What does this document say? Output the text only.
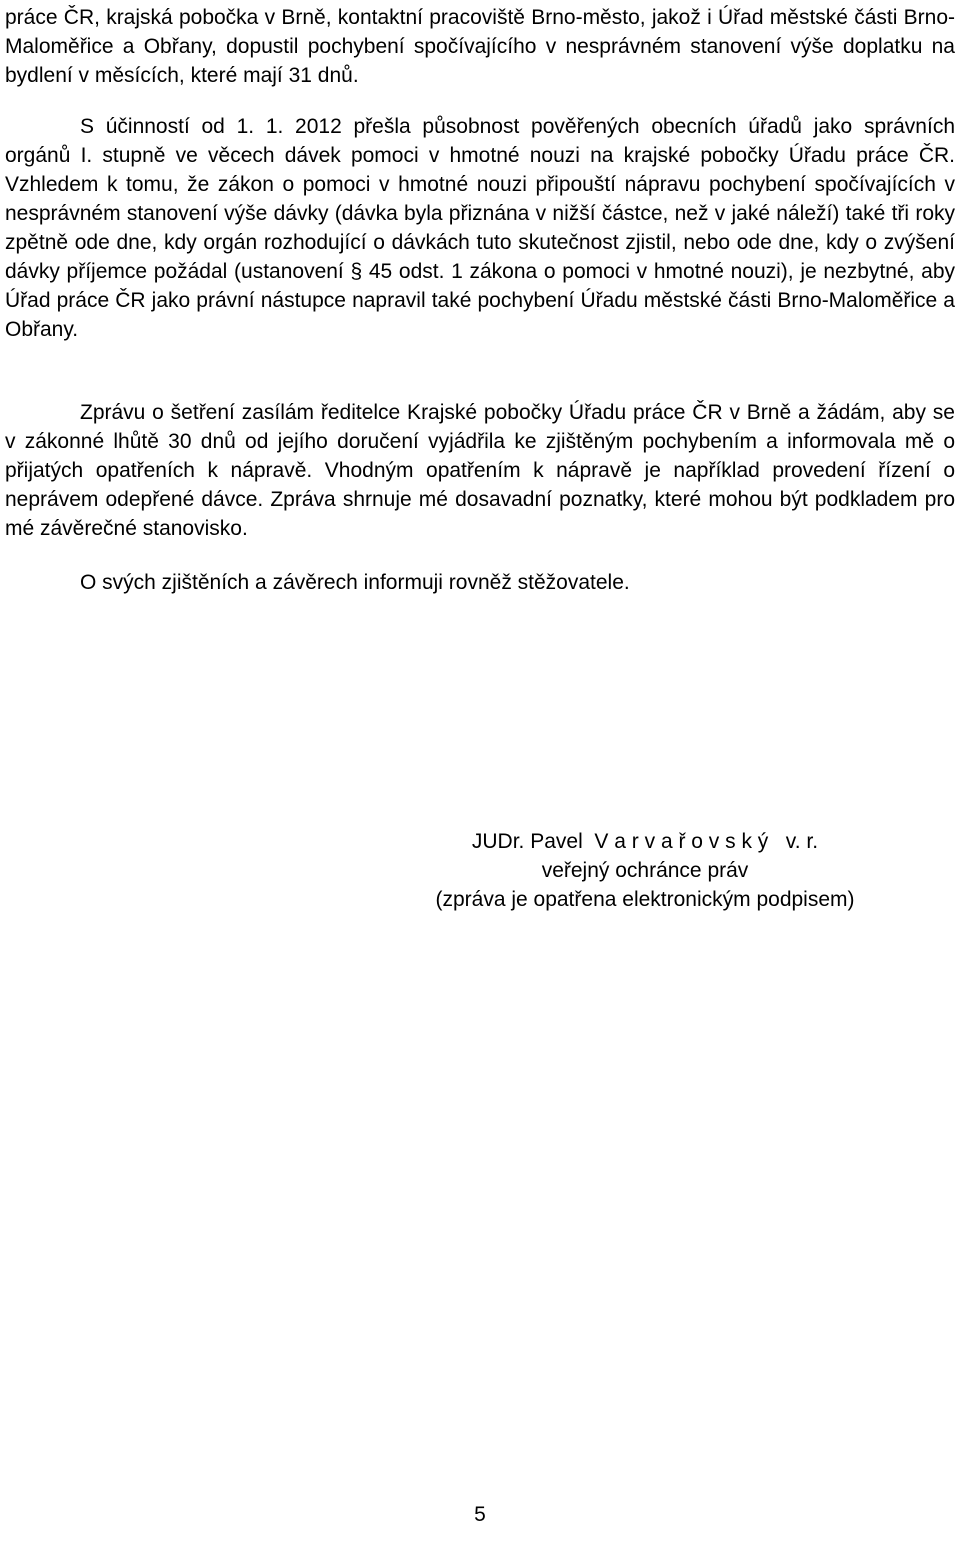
práce ČR, krajská pobočka v Brně, kontaktní pracoviště Brno-město, jakož i Úřad městské části Brno-Maloměřice a Obřany, dopustil pochybení spočívajícího v nesprávném stanovení výše doplatku na bydlení v měsících, které mají 31 dnů.

S účinností od 1. 1. 2012 přešla působnost pověřených obecních úřadů jako správních orgánů I. stupně ve věcech dávek pomoci v hmotné nouzi na krajské pobočky Úřadu práce ČR. Vzhledem k tomu, že zákon o pomoci v hmotné nouzi připouští nápravu pochybení spočívajících v nesprávném stanovení výše dávky (dávka byla přiznána v nižší částce, než v jaké náleží) také tři roky zpětně ode dne, kdy orgán rozhodující o dávkách tuto skutečnost zjistil, nebo ode dne, kdy o zvýšení dávky příjemce požádal (ustanovení § 45 odst. 1 zákona o pomoci v hmotné nouzi), je nezbytné, aby Úřad práce ČR jako právní nástupce napravil také pochybení Úřadu městské části Brno-Maloměřice a Obřany.

Zprávu o šetření zasílám ředitelce Krajské pobočky Úřadu práce ČR v Brně a žádám, aby se v zákonné lhůtě 30 dnů od jejího doručení vyjádřila ke zjištěným pochybením a informovala mě o přijatých opatřeních k nápravě. Vhodným opatřením k nápravě je například provedení řízení o neprávem odepřené dávce. Zpráva shrnuje mé dosavadní poznatky, které mohou být podkladem pro mé závěrečné stanovisko.

O svých zjištěních a závěrech informuji rovněž stěžovatele.

JUDr. Pavel  V a r v a ř o v s k ý   v. r.
veřejný ochránce práv
(zpráva je opatřena elektronickým podpisem)
5
